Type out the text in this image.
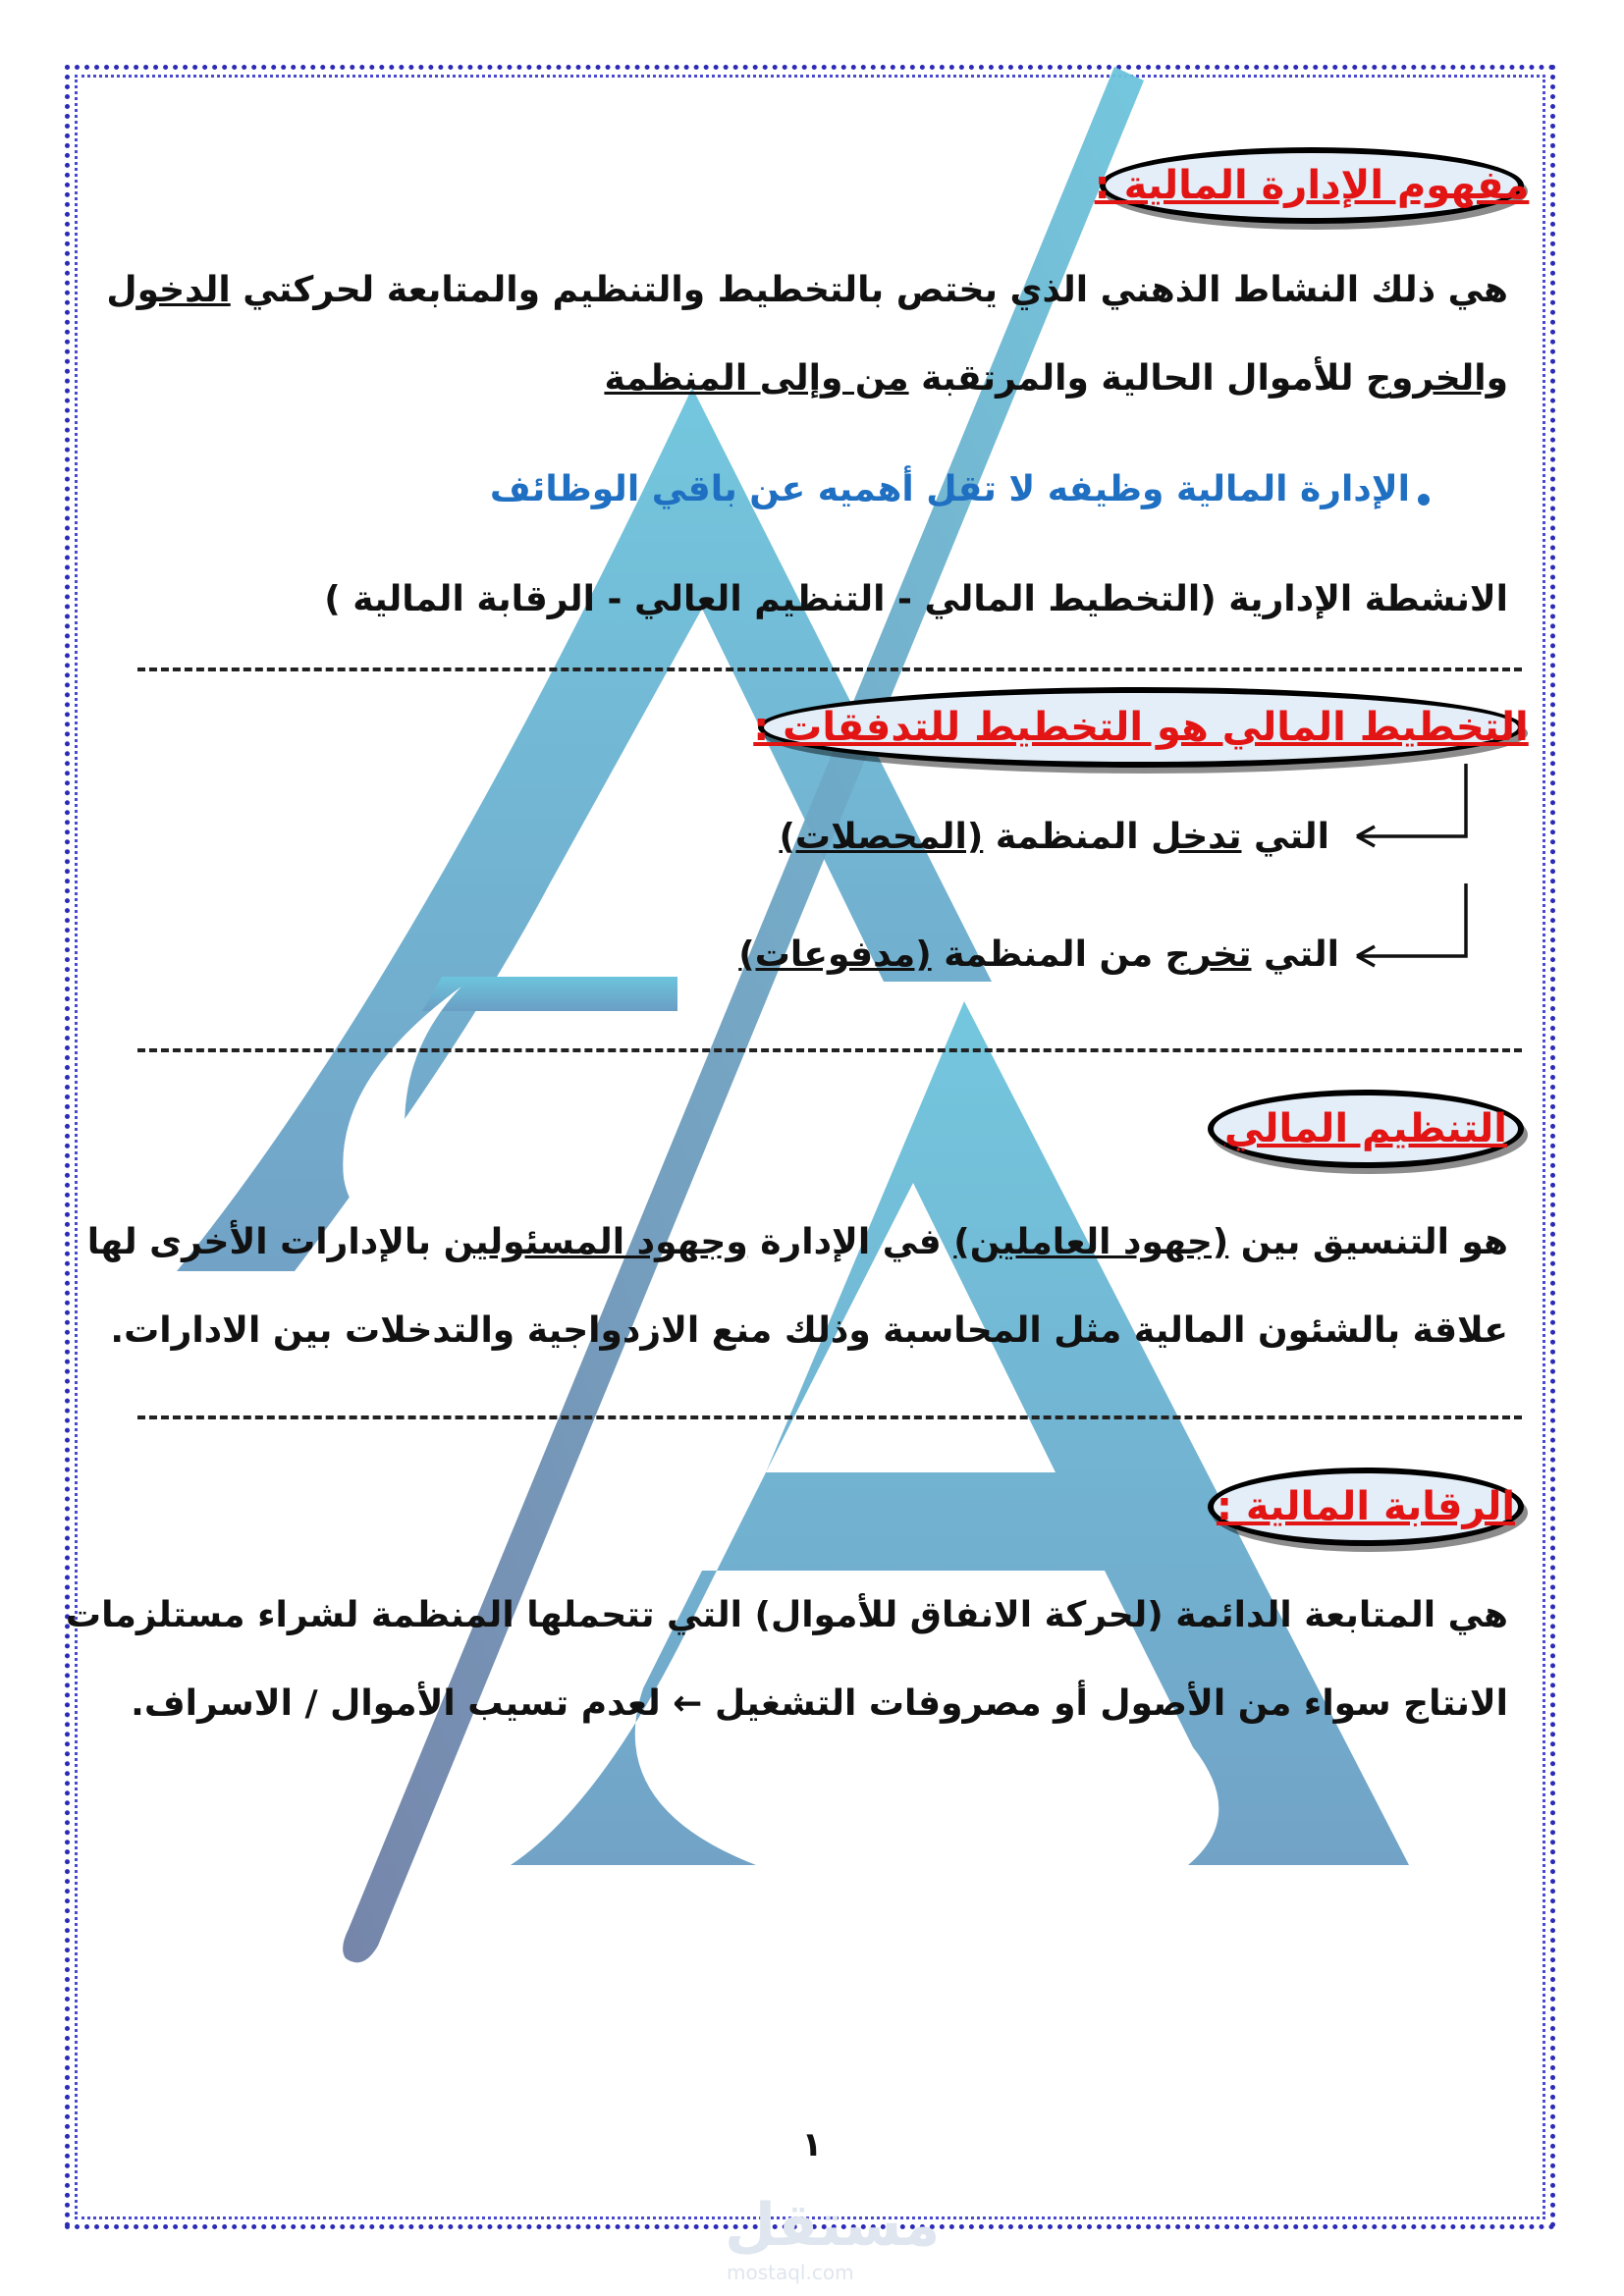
مفهوم الإدارة المالية :
هي ذلك النشاط الذهني الذي يختص بالتخطيط والتنظيم والمتابعة لحركتي الدخول
والخروج للأموال الحالية والمرتقبة من وإلى المنظمة
الإدارة المالية وظيفه لا تقل أهميه عن باقي الوظائف
الانشطة الإدارية (التخطيط المالي - التنظيم العالي - الرقابة المالية )
التخطيط المالي هو التخطيط للتدفقات :
التي تدخل المنظمة (المحصلات)
التي تخرج من المنظمة (مدفوعات)
التنظيم المالي
هو التنسيق بين (جهود العاملين) في الإدارة وجهود المسئولين بالإدارات الأخرى لها
علاقة بالشئون المالية مثل المحاسبة وذلك منع الازدواجية والتدخلات بين الادارات.
الرقابة المالية :
هي المتابعة الدائمة (لحركة الانفاق للأموال) التي تتحملها المنظمة لشراء مستلزمات
الانتاج سواء من الأصول أو مصروفات التشغيل ← لعدم تسيب الأموال / الاسراف.
١
مستقل
mostaql.com
